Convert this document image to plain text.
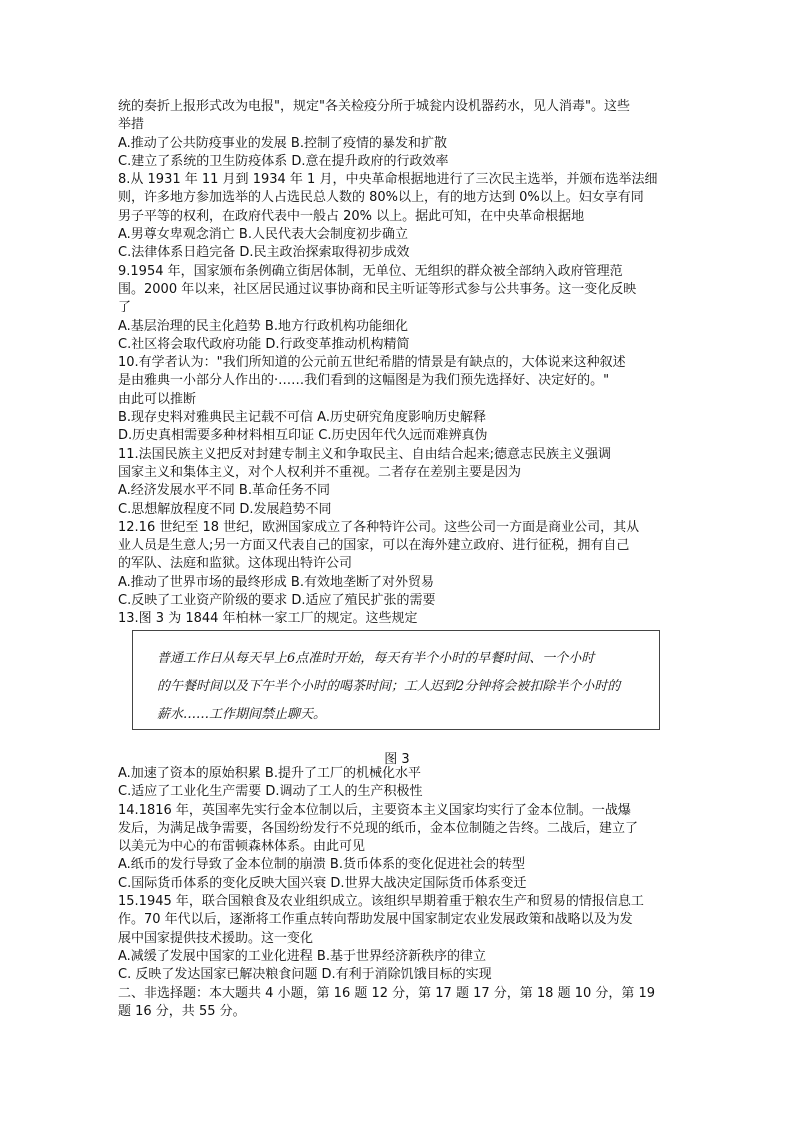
统的奏折上报形式改为电报"，规定"各关检疫分所于城瓮内设机器药水，见人消毒"。这些
举措
A.推动了公共防疫事业的发展 B.控制了疫情的暴发和扩散
C.建立了系统的卫生防疫体系 D.意在提升政府的行政效率
8.从 1931 年 11 月到 1934 年 1 月，中央革命根据地进行了三次民主选举，并颁布选举法细
则，许多地方参加选举的人占选民总人数的 80%以上，有的地方达到 0%以上。妇女享有同
男子平等的权利，在政府代表中一般占 20% 以上。据此可知，在中央革命根据地
A.男尊女卑观念消亡 B.人民代表大会制度初步确立
C.法律体系日趋完备 D.民主政治探索取得初步成效
9.1954 年，国家颁布条例确立街居体制，无单位、无组织的群众被全部纳入政府管理范
围。2000 年以来，社区居民通过议事协商和民主听证等形式参与公共事务。这一变化反映
了
A.基层治理的民主化趋势 B.地方行政机构功能细化
C.社区将会取代政府功能 D.行政变革推动机构精简
10.有学者认为："我们所知道的公元前五世纪希腊的情景是有缺点的，大体说来这种叙述
是由雅典一小部分人作出的·……我们看到的这幅图是为我们预先选择好、决定好的。"
由此可以推断
B.现存史料对雅典民主记载不可信 A.历史研究角度影响历史解释
D.历史真相需要多种材料相互印证 C.历史因年代久远而难辨真伪
11.法国民族主义把反对封建专制主义和争取民主、自由结合起来;德意志民族主义强调
国家主义和集体主义，对个人权利并不重视。二者存在差别主要是因为
A.经济发展水平不同 B.革命任务不同
C.思想解放程度不同 D.发展趋势不同
12.16 世纪至 18 世纪，欧洲国家成立了各种特许公司。这些公司一方面是商业公司，其从
业人员是生意人;另一方面又代表自己的国家，可以在海外建立政府、进行征税，拥有自己
的军队、法庭和监狱。这体现出特许公司
A.推动了世界市场的最终形成 B.有效地垄断了对外贸易
C.反映了工业资产阶级的要求 D.适应了殖民扩张的需要
13.图 3 为 1844 年柏林一家工厂的规定。这些规定
普通工作日从每天早上6点准时开始，每天有半个小时的早餐时间、一个小时
的午餐时间以及下午半个小时的喝茶时间；工人迟到2分钟将会被扣除半个小时的
薪水……工作期间禁止聊天。
图 3
A.加速了资本的原始积累 B.提升了工厂的机械化水平
C.适应了工业化生产需要 D.调动了工人的生产积极性
14.1816 年，英国率先实行金本位制以后，主要资本主义国家均实行了金本位制。一战爆
发后，为满足战争需要，各国纷纷发行不兑现的纸币，金本位制随之告终。二战后，建立了
以美元为中心的布雷顿森林体系。由此可见
A.纸币的发行导致了金本位制的崩溃 B.货币体系的变化促进社会的转型
C.国际货币体系的变化反映大国兴衰 D.世界大战决定国际货币体系变迁
15.1945 年，联合国粮食及农业组织成立。该组织早期着重于粮农生产和贸易的情报信息工
作。70 年代以后，逐渐将工作重点转向帮助发展中国家制定农业发展政策和战略以及为发
展中国家提供技术援助。这一变化
A.减缓了发展中国家的工业化进程 B.基于世界经济新秩序的律立
C. 反映了发达国家已解决粮食问题 D.有利于消除饥饿目标的实现
二、非选择题：本大题共 4 小题，第 16 题 12 分，第 17 题 17 分，第 18 题 10 分，第 19
题 16 分，共 55 分。
